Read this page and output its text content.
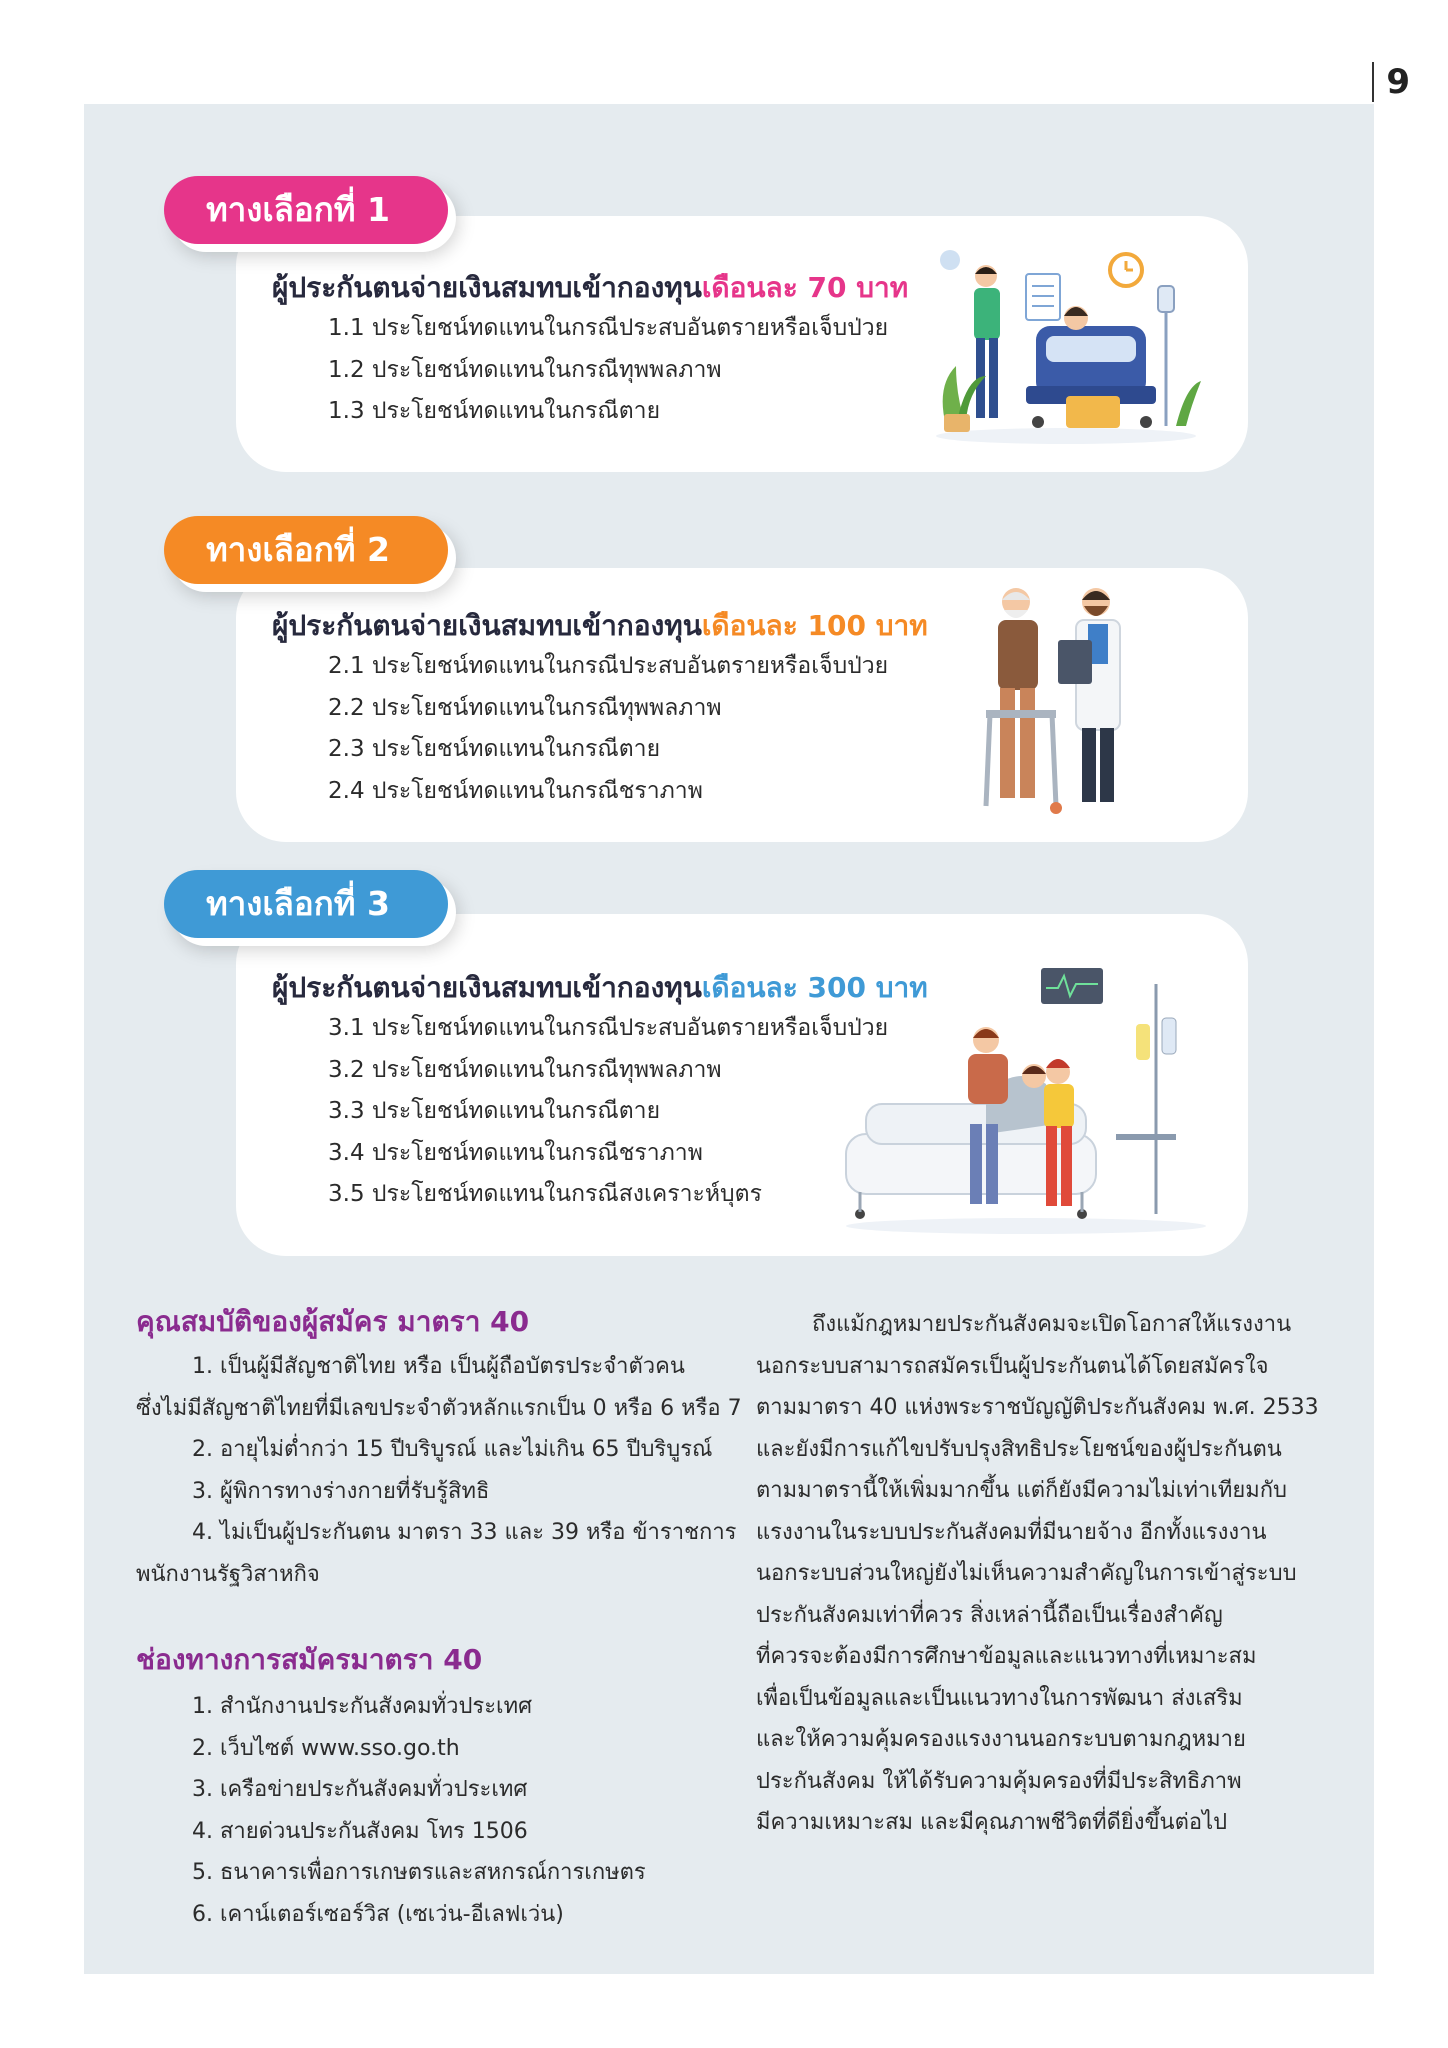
9
ผู้ประกันตนจ่ายเงินสมทบเข้ากองทุนเดือนละ 70 บาท
1.1 ประโยชน์ทดแทนในกรณีประสบอันตรายหรือเจ็บป่วย
1.2 ประโยชน์ทดแทนในกรณีทุพพลภาพ
1.3 ประโยชน์ทดแทนในกรณีตาย
ทางเลือกที่ 1
ผู้ประกันตนจ่ายเงินสมทบเข้ากองทุนเดือนละ 100 บาท
2.1 ประโยชน์ทดแทนในกรณีประสบอันตรายหรือเจ็บป่วย
2.2 ประโยชน์ทดแทนในกรณีทุพพลภาพ
2.3 ประโยชน์ทดแทนในกรณีตาย
2.4 ประโยชน์ทดแทนในกรณีชราภาพ
ทางเลือกที่ 2
ผู้ประกันตนจ่ายเงินสมทบเข้ากองทุนเดือนละ 300 บาท
3.1 ประโยชน์ทดแทนในกรณีประสบอันตรายหรือเจ็บป่วย
3.2 ประโยชน์ทดแทนในกรณีทุพพลภาพ
3.3 ประโยชน์ทดแทนในกรณีตาย
3.4 ประโยชน์ทดแทนในกรณีชราภาพ
3.5 ประโยชน์ทดแทนในกรณีสงเคราะห์บุตร
ทางเลือกที่ 3
คุณสมบัติของผู้สมัคร มาตรา 40

1. เป็นผู้มีสัญชาติไทย หรือ เป็นผู้ถือบัตรประจำตัวคน

ซึ่งไม่มีสัญชาติไทยที่มีเลขประจำตัวหลักแรกเป็น 0 หรือ 6 หรือ 7

2. อายุไม่ต่ำกว่า 15 ปีบริบูรณ์ และไม่เกิน 65 ปีบริบูรณ์

3. ผู้พิการทางร่างกายที่รับรู้สิทธิ

4. ไม่เป็นผู้ประกันตน มาตรา 33 และ 39 หรือ ข้าราชการ

พนักงานรัฐวิสาหกิจ

ช่องทางการสมัครมาตรา 40

1. สำนักงานประกันสังคมทั่วประเทศ

2. เว็บไซต์ www.sso.go.th

3. เครือข่ายประกันสังคมทั่วประเทศ

4. สายด่วนประกันสังคม โทร 1506

5. ธนาคารเพื่อการเกษตรและสหกรณ์การเกษตร

6. เคาน์เตอร์เซอร์วิส (เซเว่น-อีเลฟเว่น)

ถึงแม้กฎหมายประกันสังคมจะเปิดโอกาสให้แรงงาน

นอกระบบสามารถสมัครเป็นผู้ประกันตนได้โดยสมัครใจ

ตามมาตรา 40 แห่งพระราชบัญญัติประกันสังคม พ.ศ. 2533

และยังมีการแก้ไขปรับปรุงสิทธิประโยชน์ของผู้ประกันตน

ตามมาตรานี้ให้เพิ่มมากขึ้น แต่ก็ยังมีความไม่เท่าเทียมกับ

แรงงานในระบบประกันสังคมที่มีนายจ้าง อีกทั้งแรงงาน

นอกระบบส่วนใหญ่ยังไม่เห็นความสำคัญในการเข้าสู่ระบบ

ประกันสังคมเท่าที่ควร สิ่งเหล่านี้ถือเป็นเรื่องสำคัญ

ที่ควรจะต้องมีการศึกษาข้อมูลและแนวทางที่เหมาะสม

เพื่อเป็นข้อมูลและเป็นแนวทางในการพัฒนา ส่งเสริม

และให้ความคุ้มครองแรงงานนอกระบบตามกฎหมาย

ประกันสังคม ให้ได้รับความคุ้มครองที่มีประสิทธิภาพ

มีความเหมาะสม และมีคุณภาพชีวิตที่ดียิ่งขึ้นต่อไป
